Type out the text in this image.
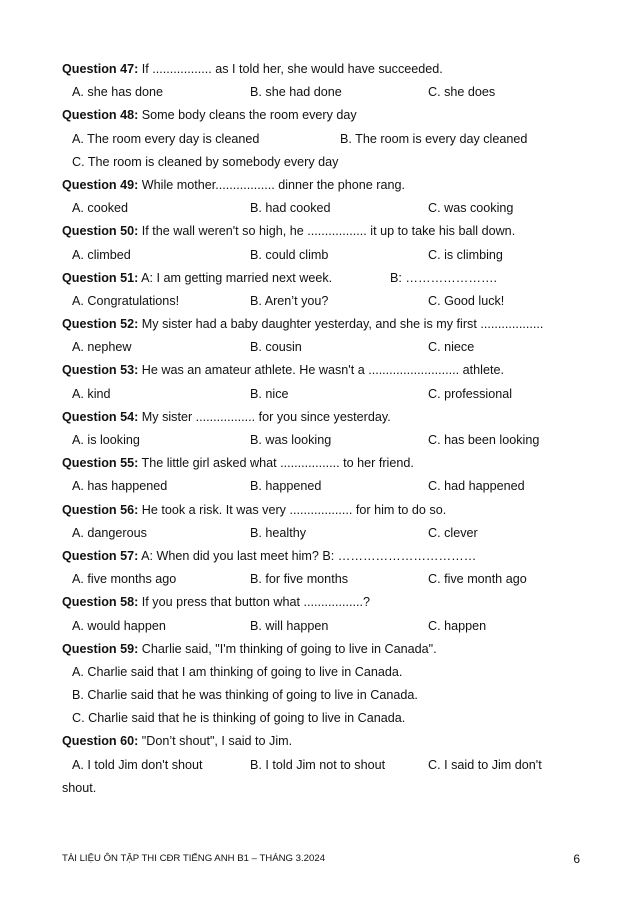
Question 47: If ................. as I told her, she would have succeeded.
A. she has done	B. she had done	C. she does
Question 48: Some body cleans the room every day
A. The room every day is cleaned	B. The room is every day cleaned
C. The room is cleaned by somebody every day
Question 49: While mother................. dinner the phone rang.
A. cooked	B. had cooked	C. was cooking
Question 50: If the wall weren't so high, he ................. it up to take his ball down.
A. climbed	B. could climb	C. is climbing
Question 51: A: I am getting married next week.	B: ………………….
A. Congratulations!	B. Aren’t you?	C. Good luck!
Question 52: My sister had a baby daughter yesterday, and she is my first ..................
A. nephew	B. cousin	C. niece
Question 53: He was an amateur athlete. He wasn't a .......................... athlete.
A. kind	B. nice	C. professional
Question 54: My sister ................. for you since yesterday.
A. is looking	B. was looking	C. has been looking
Question 55: The little girl asked what ................. to her friend.
A. has happened	B. happened	C. had happened
Question 56: He took a risk. It was very .................. for him to do so.
A. dangerous	B. healthy	C. clever
Question 57: A: When did you last meet him? B: ……………………………
A. five months ago	B. for five months	C. five month ago
Question 58: If you press that button what .................?
A. would happen	B. will happen	C. happen
Question 59: Charlie said, "I'm thinking of going to live in Canada".
A. Charlie said that I am thinking of going to live in Canada.
B. Charlie said that he was thinking of going to live in Canada.
C. Charlie said that he is thinking of going to live in Canada.
Question 60: "Don’t shout", I said to Jim.
A. I told Jim don't shout	B. I told Jim not to shout	C. I said to Jim don't
shout.
TÀI LIỆU ÔN TẬP THI CĐR TIẾNG ANH B1 – THÁNG 3.2024	6
